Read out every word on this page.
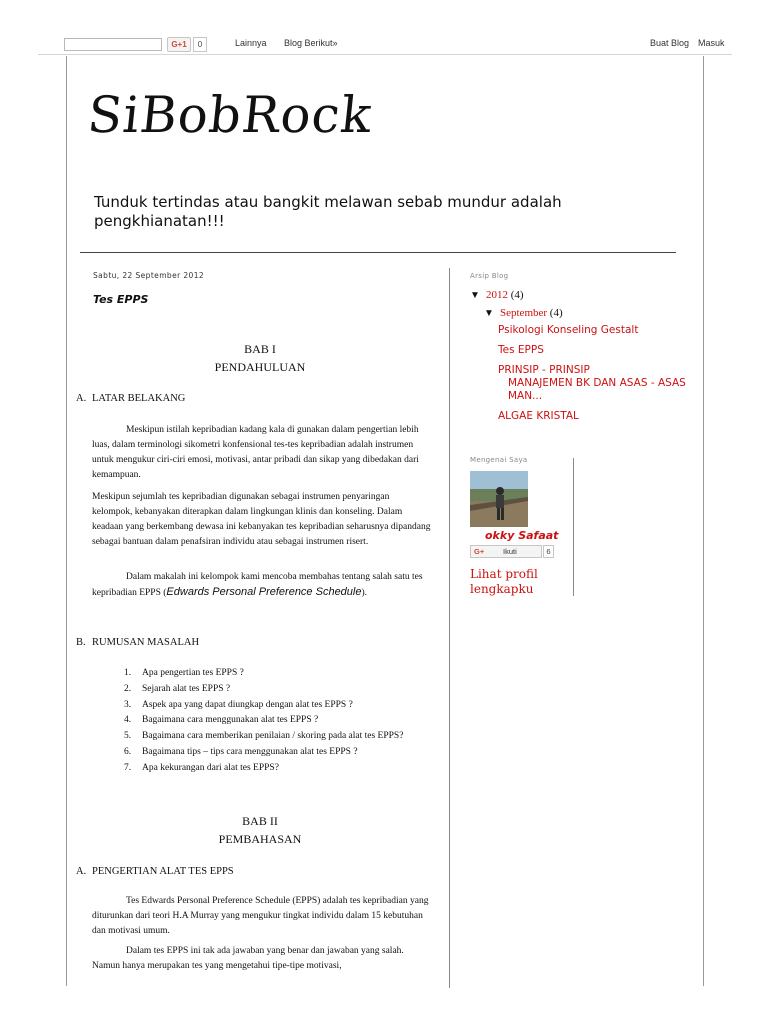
G+1	0	Lainnya Blog Berikut»	Buat Blog Masuk
SiBobRock
Tunduk tertindas atau bangkit melawan sebab mundur adalah pengkhianatan!!!
Sabtu, 22 September 2012
Tes EPPS
BAB I
PENDAHULUAN
A. LATAR BELAKANG
Meskipun istilah kepribadian kadang kala di gunakan dalam pengertian lebih luas, dalam terminologi sikometri konfensional tes-tes kepribadian adalah instrumen untuk mengukur ciri-ciri emosi, motivasi, antar pribadi dan sikap yang dibedakan dari kemampuan.
Meskipun sejumlah tes kepribadian digunakan sebagai instrumen penyaringan kelompok, kebanyakan diterapkan dalam lingkungan klinis dan konseling. Dalam keadaan yang berkembang dewasa ini kebanyakan tes kepribadian seharusnya dipandang sebagai bantuan dalam penafsiran individu atau sebagai instrumen risert.
Dalam makalah ini kelompok kami mencoba membahas tentang salah satu tes kepribadian EPPS (Edwards Personal Preference Schedule).
B. RUMUSAN MASALAH
1.	Apa pengertian tes EPPS ?
2.	Sejarah alat tes EPPS ?
3.	Aspek apa yang dapat diungkap dengan alat tes EPPS ?
4.	Bagaimana cara menggunakan alat tes EPPS ?
5.	Bagaimana cara memberikan penilaian / skoring pada alat tes EPPS?
6.	Bagaimana tips – tips cara menggunakan alat tes EPPS ?
7.	Apa kekurangan dari alat tes EPPS?
BAB II
PEMBAHASAN
A. PENGERTIAN ALAT TES EPPS
Tes Edwards Personal Preference Schedule (EPPS) adalah tes kepribadian yang diturunkan dari teori H.A Murray yang mengukur tingkat individu dalam 15 kebutuhan dan motivasi umum.
Dalam tes EPPS ini tak ada jawaban yang benar dan jawaban yang salah. Namun hanya merupakan tes yang mengetahui tipe-tipe motivasi,
Arsip Blog
▼ 2012 (4)
▼ September (4)
Psikologi Konseling Gestalt
Tes EPPS
PRINSIP - PRINSIP
MANAJEMEN BK DAN ASAS - ASAS MAN...
ALGAE KRISTAL
Mengenai Saya
okky Safaat
G+	Ikuti	6
Lihat profil lengkapku
